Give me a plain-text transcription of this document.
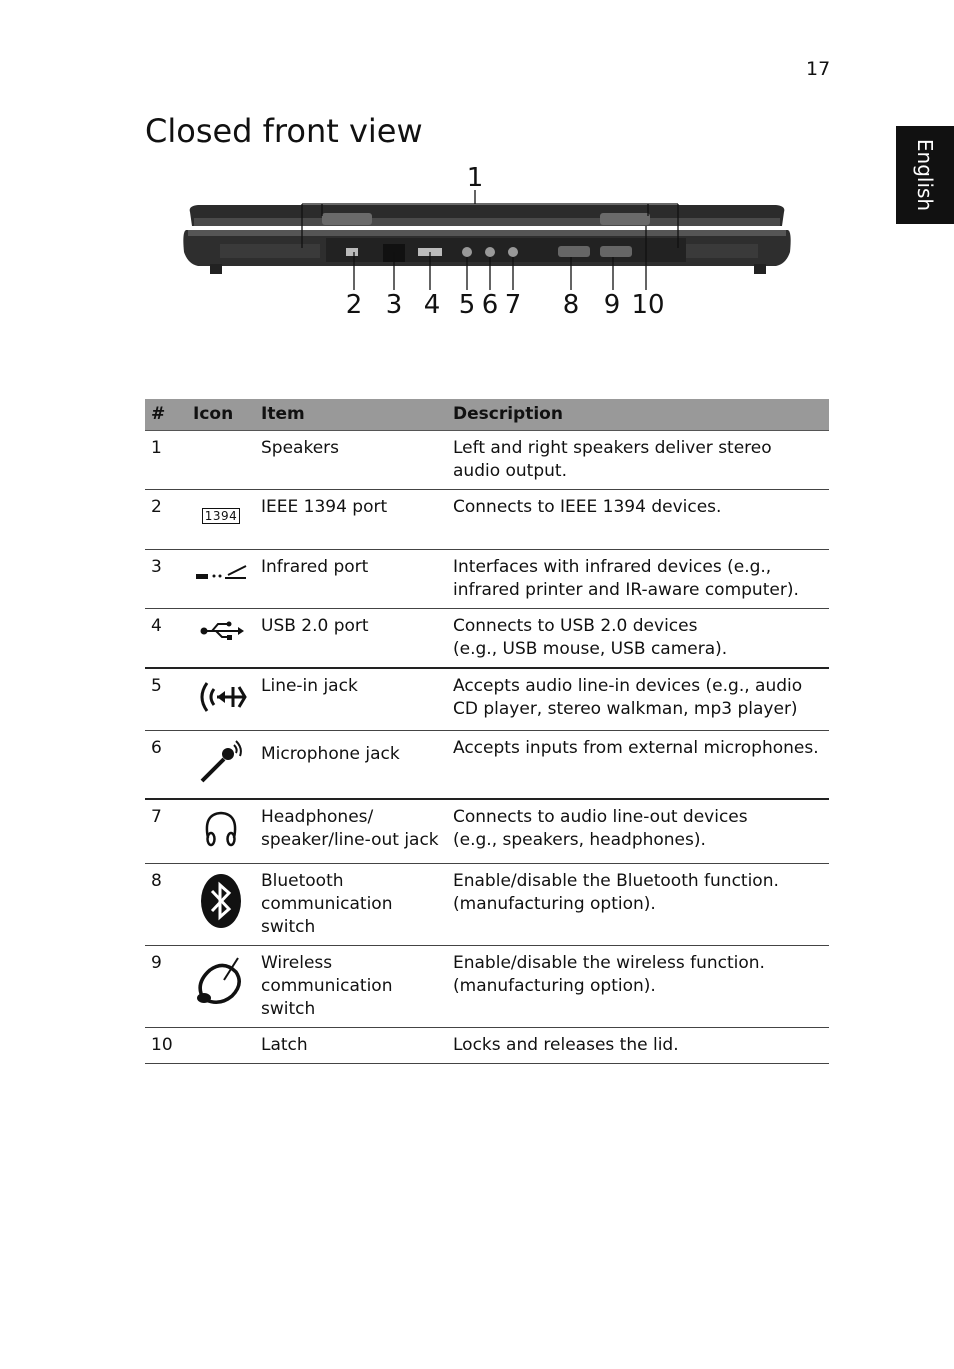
17
English
Closed front view
1
2 3 4 5 6 7 8 9 10
#	Icon	Item	Description
1		Speakers	Left and right speakers deliver stereo audio output.
2	1394	IEEE 1394 port	Connects to IEEE 1394 devices.
3		Infrared port	Interfaces with infrared devices (e.g., infrared printer and IR-aware computer).
4		USB 2.0 port	Connects to USB 2.0 devices
(e.g., USB mouse, USB camera).

5		Line-in jack	Accepts audio line-in devices (e.g., audio CD player, stereo walkman, mp3 player)
6		Microphone jack	Accepts inputs from external microphones.
7		Headphones/ speaker/line-out jack	Connects to audio line-out devices
(e.g., speakers, headphones).

8		Bluetooth communication switch	Enable/disable the Bluetooth function.
(manufacturing option).

9		Wireless communication switch	Enable/disable the wireless function.
(manufacturing option).

10		Latch	Locks and releases the lid.
